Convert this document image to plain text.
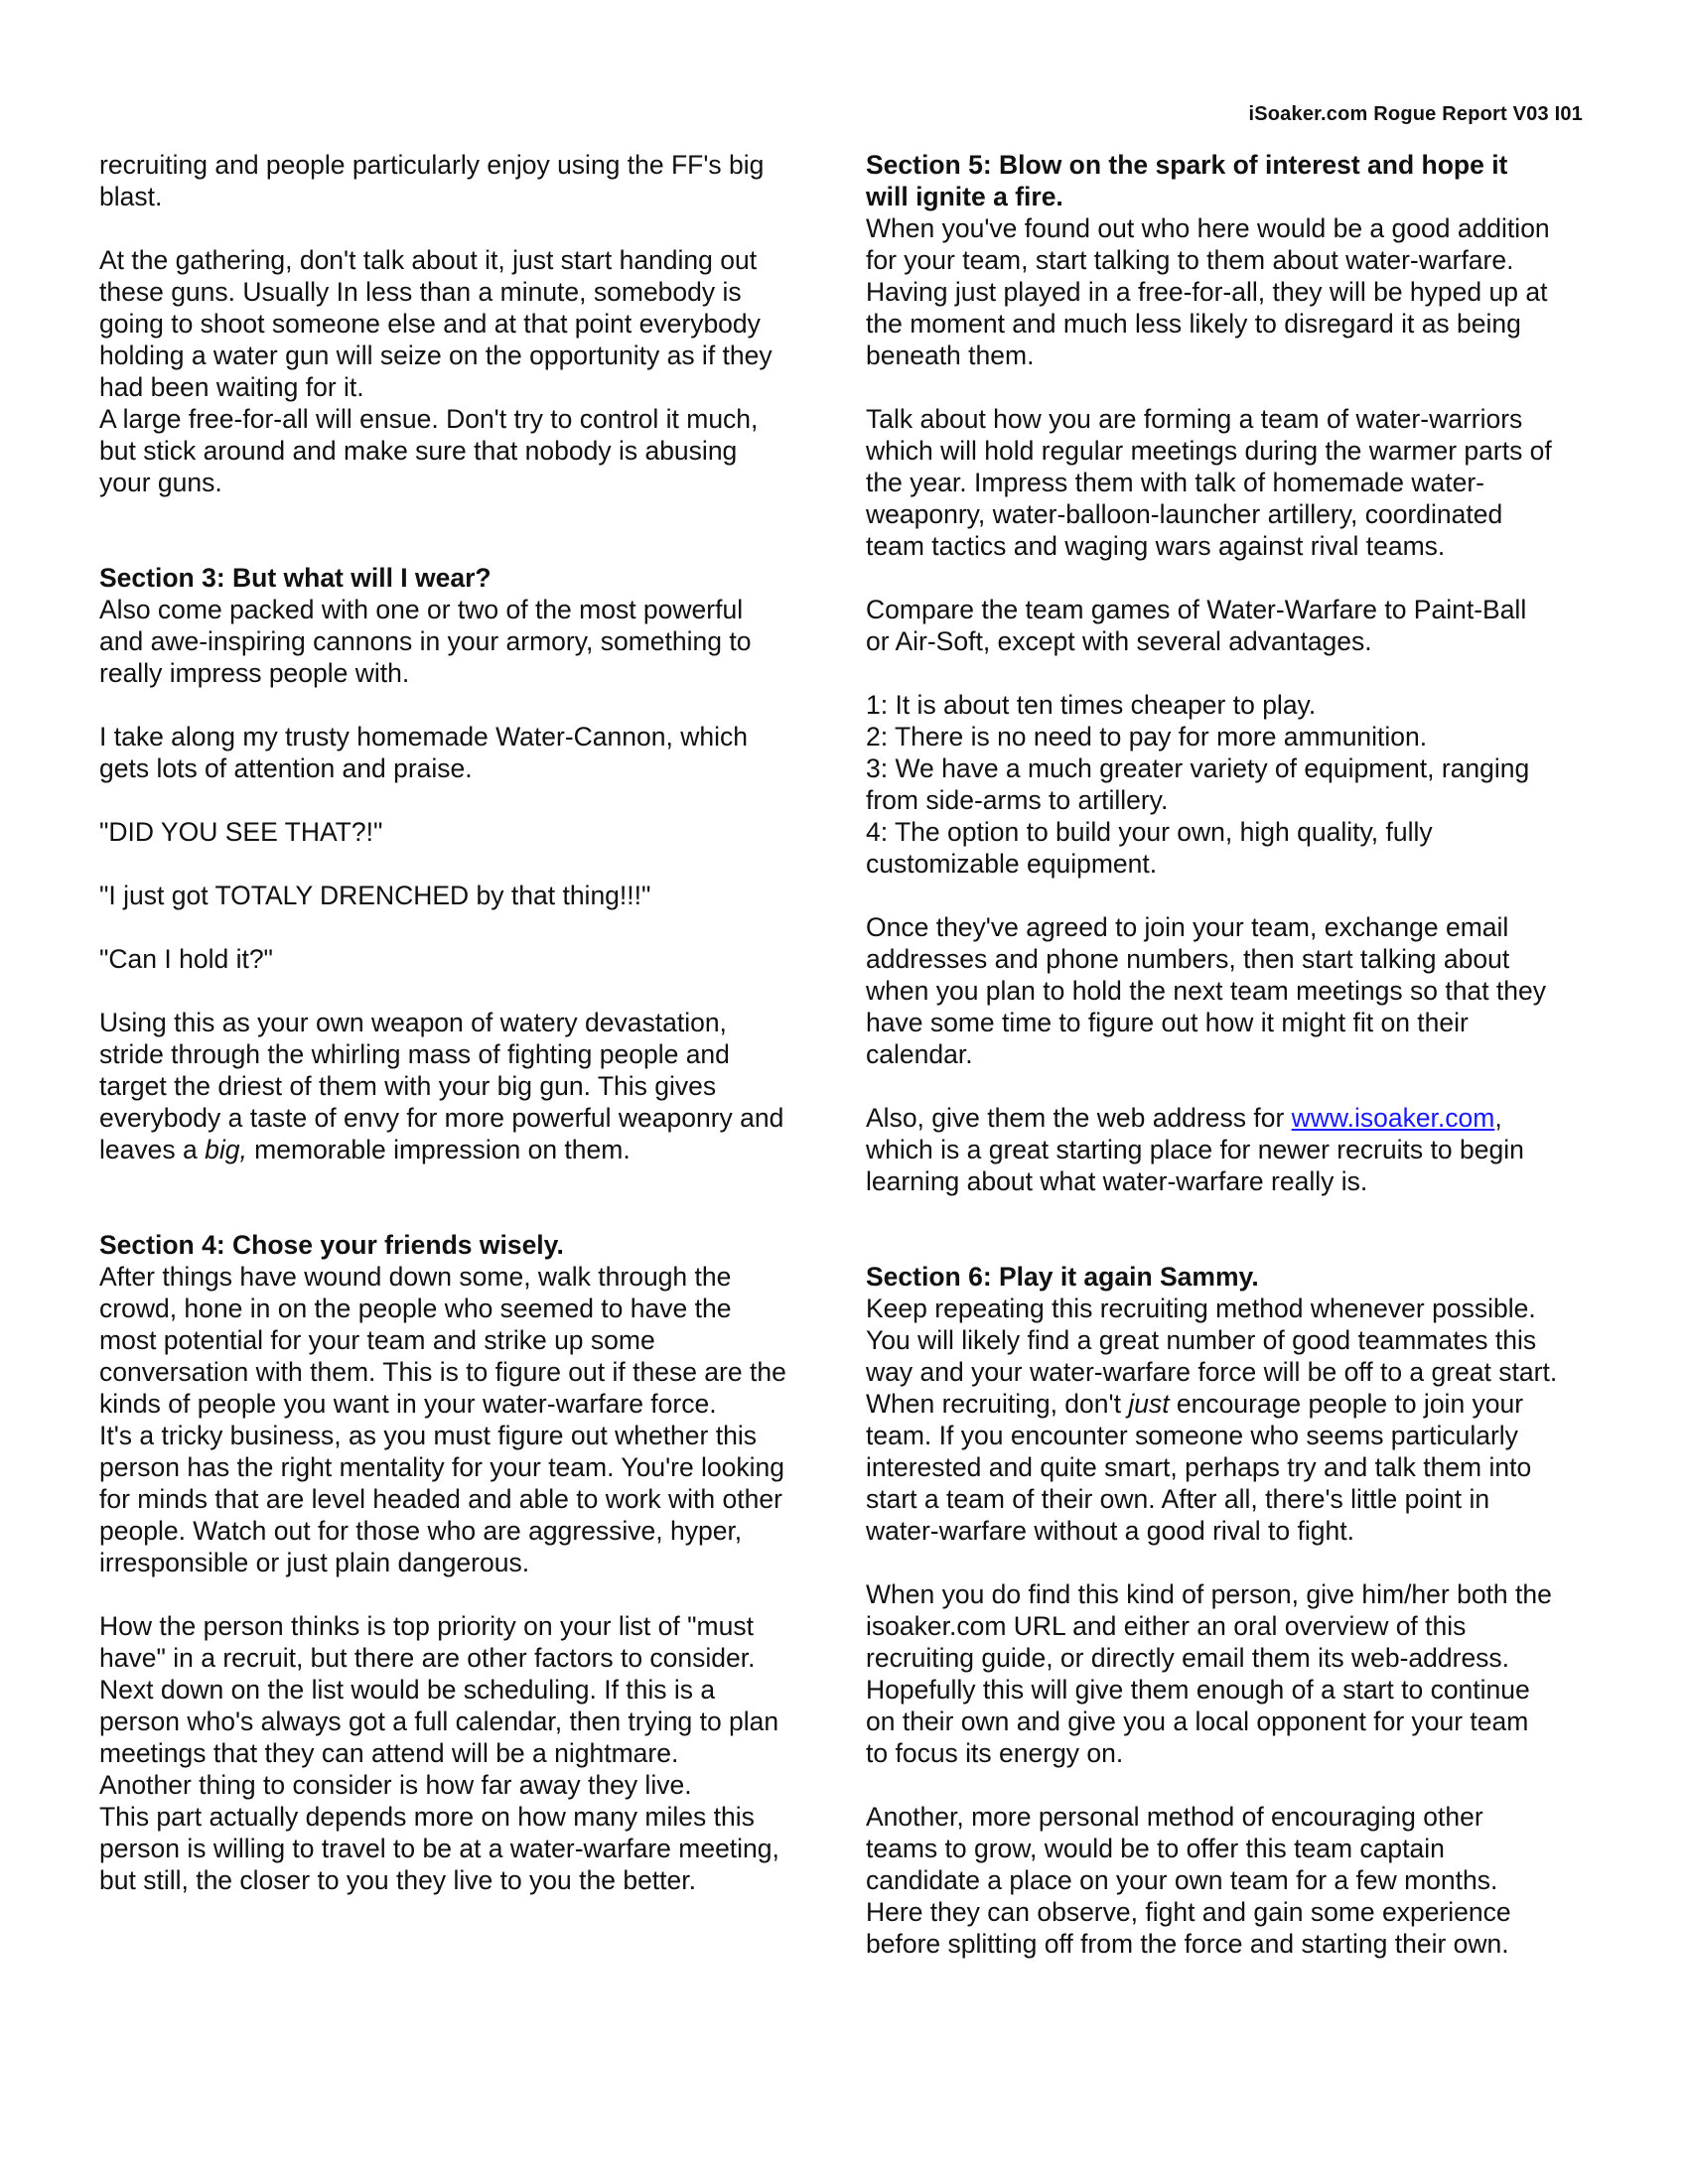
iSoaker.com Rogue Report V03 I01
recruiting and people particularly enjoy using the FF's big
blast.
At the gathering, don't talk about it, just start handing out
these guns. Usually In less than a minute, somebody is
going to shoot someone else and at that point everybody
holding a water gun will seize on the opportunity as if they
had been waiting for it.
A large free-for-all will ensue. Don't try to control it much,
but stick around and make sure that nobody is abusing
your guns.
Section 3: But what will I wear?
Also come packed with one or two of the most powerful
and awe-inspiring cannons in your armory, something to
really impress people with.
I take along my trusty homemade Water-Cannon, which
gets lots of attention and praise.
"DID YOU SEE THAT?!"
"I just got TOTALY DRENCHED by that thing!!!"
"Can I hold it?"
Using this as your own weapon of watery devastation,
stride through the whirling mass of fighting people and
target the driest of them with your big gun. This gives
everybody a taste of envy for more powerful weaponry and
leaves a big, memorable impression on them.
Section 4: Chose your friends wisely.
After things have wound down some, walk through the
crowd, hone in on the people who seemed to have the
most potential for your team and strike up some
conversation with them. This is to figure out if these are the
kinds of people you want in your water-warfare force.
It's a tricky business, as you must figure out whether this
person has the right mentality for your team. You're looking
for minds that are level headed and able to work with other
people. Watch out for those who are aggressive, hyper,
irresponsible or just plain dangerous.
How the person thinks is top priority on your list of "must
have" in a recruit, but there are other factors to consider.
Next down on the list would be scheduling. If this is a
person who's always got a full calendar, then trying to plan
meetings that they can attend will be a nightmare.
Another thing to consider is how far away they live.
This part actually depends more on how many miles this
person is willing to travel to be at a water-warfare meeting,
but still, the closer to you they live to you the better.
Section 5: Blow on the spark of interest and hope it
will ignite a fire.
When you've found out who here would be a good addition
for your team, start talking to them about water-warfare.
Having just played in a free-for-all, they will be hyped up at
the moment and much less likely to disregard it as being
beneath them.
Talk about how you are forming a team of water-warriors
which will hold regular meetings during the warmer parts of
the year. Impress them with talk of homemade water-
weaponry, water-balloon-launcher artillery, coordinated
team tactics and waging wars against rival teams.
Compare the team games of Water-Warfare to Paint-Ball
or Air-Soft, except with several advantages.
1: It is about ten times cheaper to play.
2: There is no need to pay for more ammunition.
3: We have a much greater variety of equipment, ranging
from side-arms to artillery.
4: The option to build your own, high quality, fully
customizable equipment.
Once they've agreed to join your team, exchange email
addresses and phone numbers, then start talking about
when you plan to hold the next team meetings so that they
have some time to figure out how it might fit on their
calendar.
Also, give them the web address for www.isoaker.com,
which is a great starting place for newer recruits to begin
learning about what water-warfare really is.
Section 6: Play it again Sammy.
Keep repeating this recruiting method whenever possible.
You will likely find a great number of good teammates this
way and your water-warfare force will be off to a great start.
When recruiting, don't just encourage people to join your
team. If you encounter someone who seems particularly
interested and quite smart, perhaps try and talk them into
start a team of their own. After all, there's little point in
water-warfare without a good rival to fight.
When you do find this kind of person, give him/her both the
isoaker.com URL and either an oral overview of this
recruiting guide, or directly email them its web-address.
Hopefully this will give them enough of a start to continue
on their own and give you a local opponent for your team
to focus its energy on.
Another, more personal method of encouraging other
teams to grow, would be to offer this team captain
candidate a place on your own team for a few months.
Here they can observe, fight and gain some experience
before splitting off from the force and starting their own.
